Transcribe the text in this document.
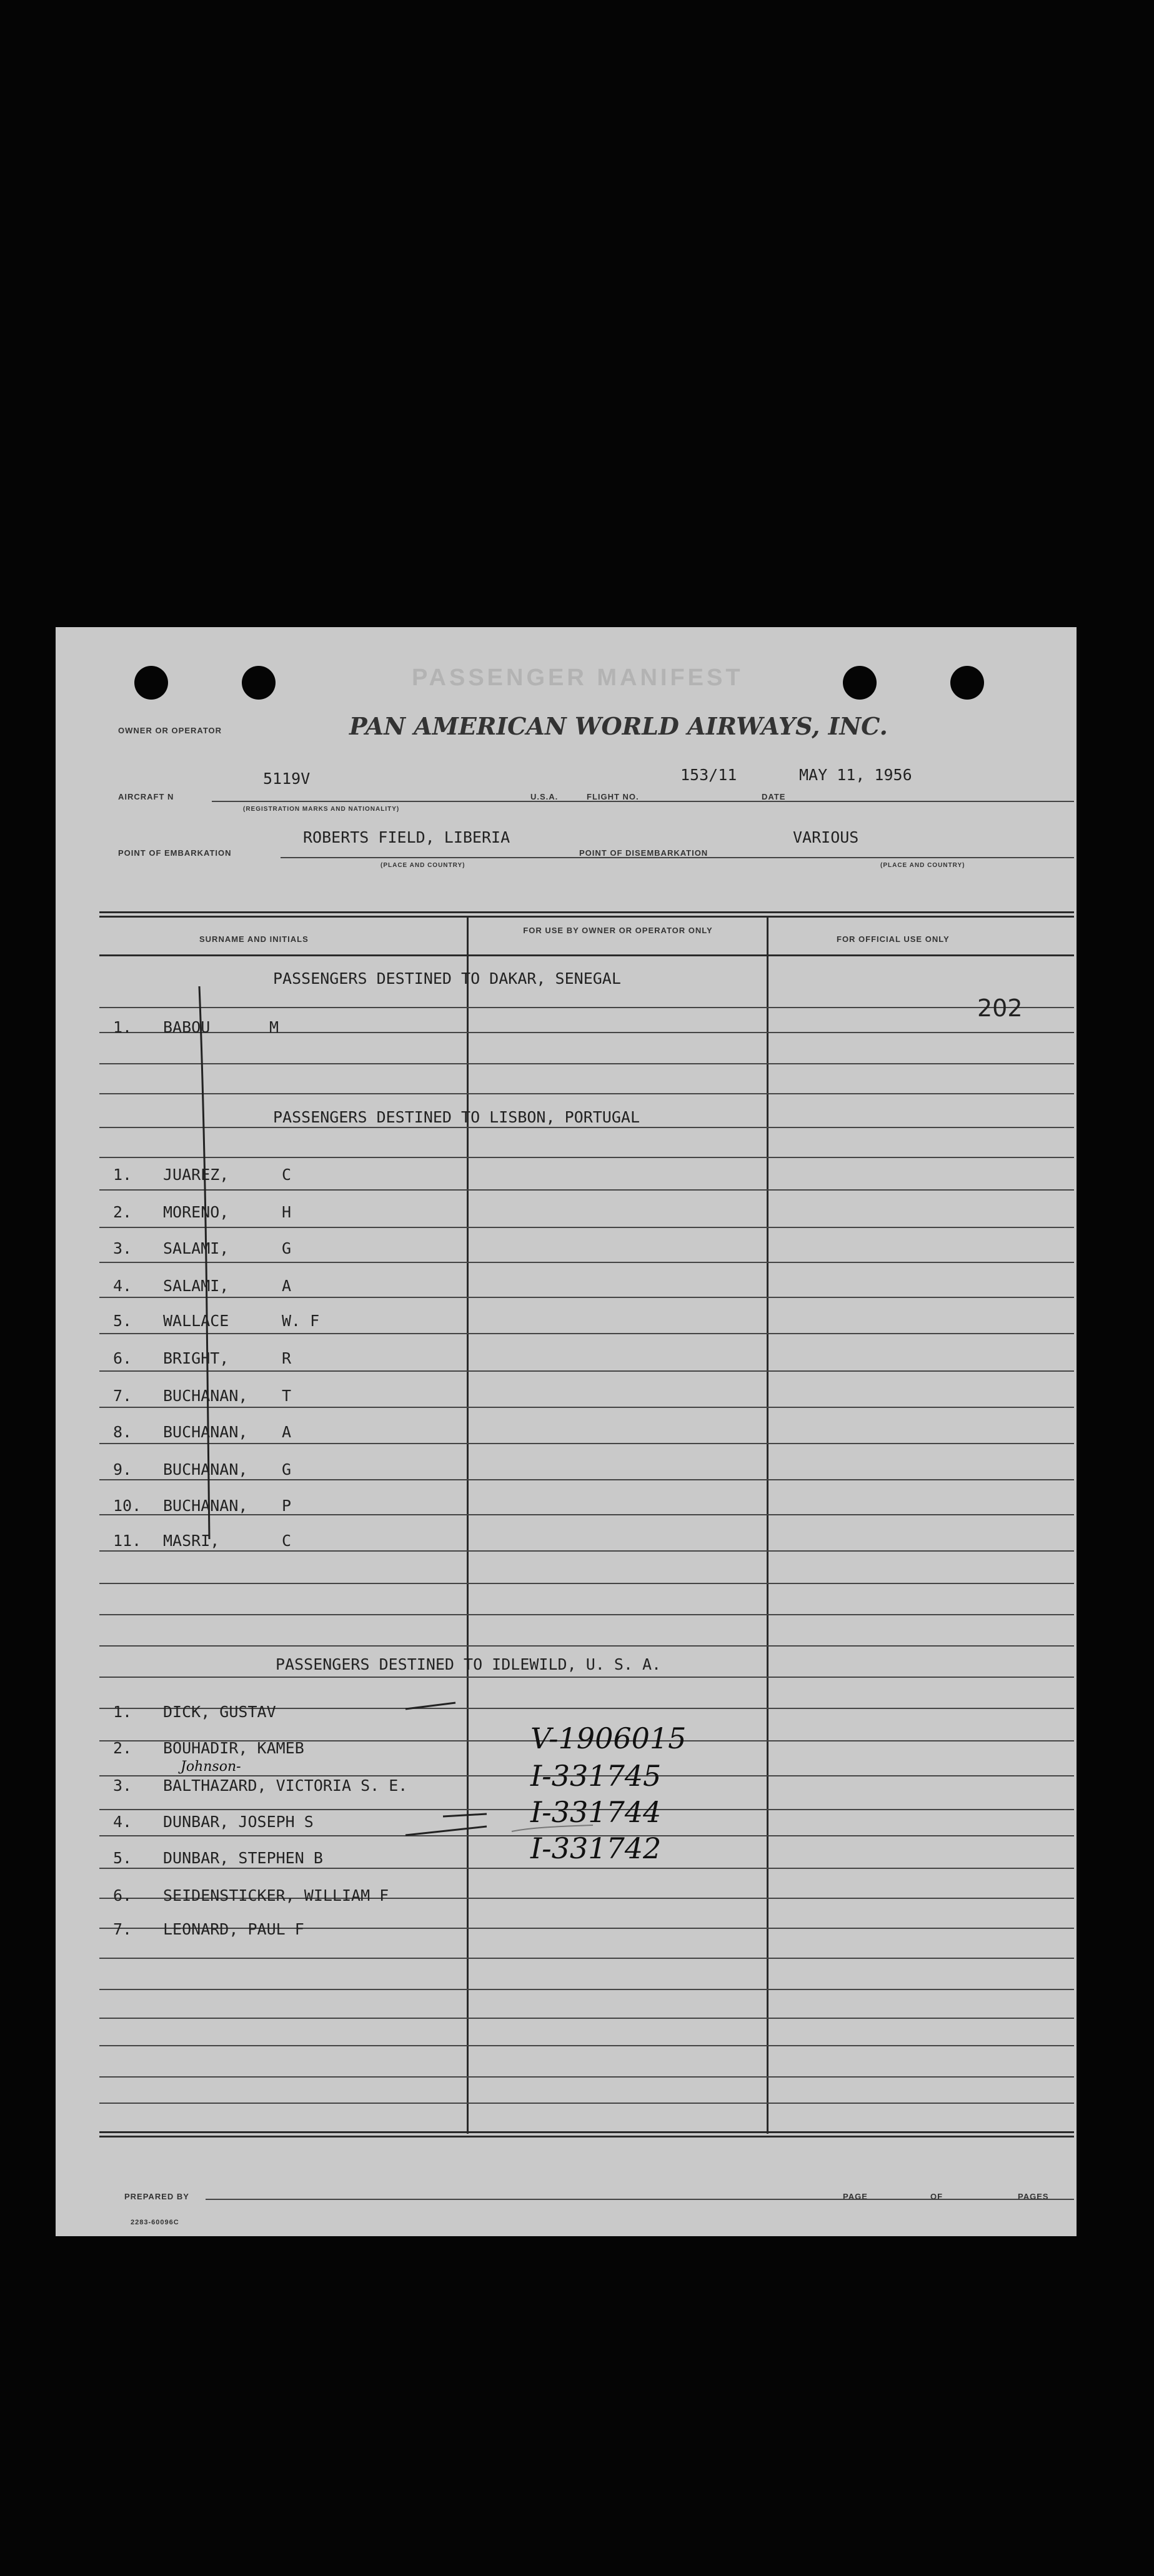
PASSENGER MANIFEST
OWNER OR OPERATOR	PAN AMERICAN WORLD AIRWAYS, INC.
AIRCRAFT N
5119V
(REGISTRATION MARKS AND NATIONALITY)
U.S.A.	FLIGHT NO.
153/11
DATE
MAY 11, 1956
POINT OF EMBARKATION
ROBERTS FIELD, LIBERIA
(PLACE AND COUNTRY)
POINT OF DISEMBARKATION
VARIOUS
(PLACE AND COUNTRY)
SURNAME AND INITIALS
FOR USE BY OWNER OR OPERATOR ONLY
FOR OFFICIAL USE ONLY
PASSENGERS DESTINED TO DAKAR, SENEGAL
202
1. BABOU	M
PASSENGERS DESTINED TO LISBON, PORTUGAL
1. JUAREZ,	C
2. MORENO,	H
3. SALAMI,	G
4. SALAMI,	A
5. WALLACE	W. F
6. BRIGHT,	R
7. BUCHANAN, T
8. BUCHANAN, A
9. BUCHANAN, G
10. BUCHANAN, P
11. MASRI,	C
PASSENGERS DESTINED TO IDLEWILD, U. S. A.
1. DICK, GUSTAV
2. BOUHADIR, KAMEB	V-1906015
3. BALTHAZARD, VICTORIA S. E.	I-331745
4. DUNBAR, JOSEPH S	I-331744
5. DUNBAR, STEPHEN B	I-331742
6. SEIDENSTICKER, WILLIAM F
7. LEONARD, PAUL F
Johnson-
PREPARED BY	PAGE	OF	PAGES
2283-60096C
